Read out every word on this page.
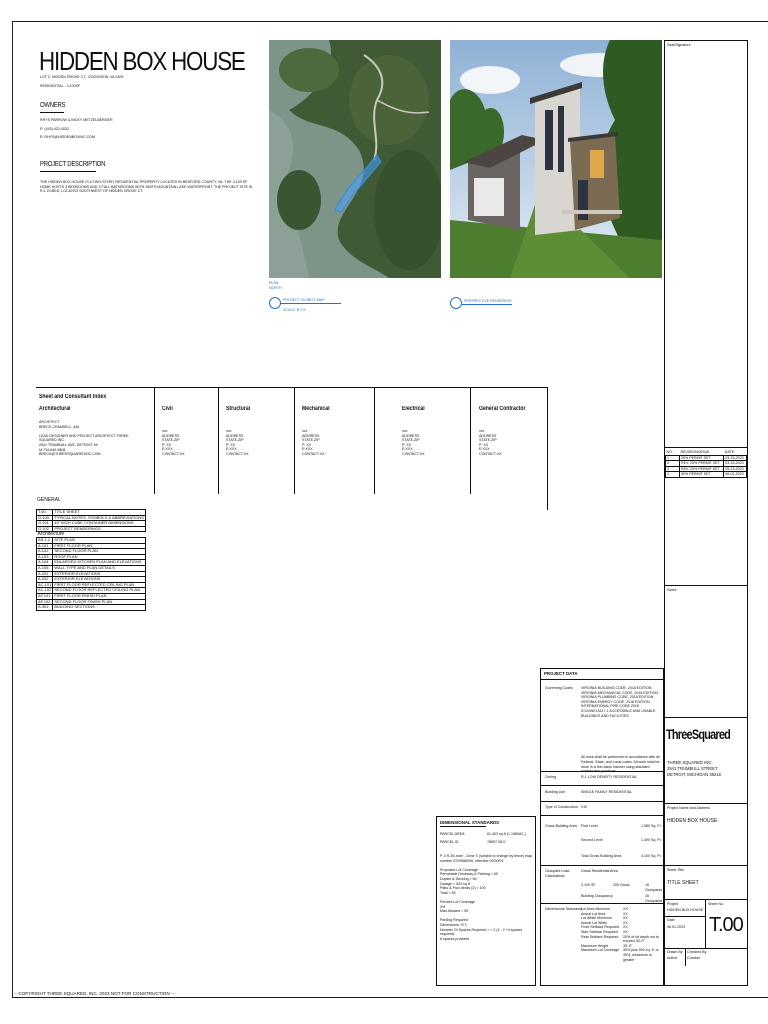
HIDDEN BOX HOUSE
LOT 2, HIDDEN GROVE CT., GOODVIEW, VA 2409
RESIDENTIAL - 3,100SF
OWNERS
RHYS PARROW & NICKY METZELBERGER
P: (443) 422-4032
E: RHYS@HIDDENBOXINC.COM
PROJECT DESCRIPTION
THE HIDDEN BOX HOUSE IS A TWO-STORY RESIDENTIAL PROPERTY LOCATED IN BEDFORD COUNTY, VA. THE 3,100 SF HOME HOSTS 3 BEDROOMS AND 3 FULL BATHROOMS WITH SMITH MOUNTAIN LAKE WATERFRONT. THE PROJECT SITE IS R-1 ZONED, LOCATED SOUTHWEST OF HIDDEN GROVE CT.
PLAN
NORTH
PROJECT VICINITY MAP
SCALE: N.T.S.
PERSPECTIVE RENDERING
Sheet and Consultant Index
Architectural
ARCHITECT
BRECK CRANDELL, AIA
LEAD DESIGNER AND PROJECT ARCHITECT THREE
SQUARED INC
2541 TRUMBULL AVE, DETROIT MI
M:734-640-9808
BRECK@THREESQUAREDINC.COM
Civil
xxx
ADDRESS
STATE,ZIP
P: XX
E:XXX
CONTACT:XX
Structural
xxx
ADDRESS
STATE,ZIP
P: XX
E:XXX
CONTACT:XX
Mechanical
xxx
ADDRESS
STATE,ZIP
P: XX
E:XXX
CONTACT:XX
Electrical
xxx
ADDRESS
STATE,ZIP
P: XX
E:XXX
CONTACT:XX
General Contractor
xxx
ADDRESS
STATE,ZIP
P: XX
E:XXX
CONTACT:XX
GENERAL
T.00	TITLE SHEET
G.100	TYPICAL NOTES, SYMBOLS & ABBREVIATIONS
G.101	40' HIGH CUBE CONTAINER DIMENSIONS
G.102	PROJECT RENDERINGS
Architecture	
AS.1.1	SITE PLAN
A.101	FIRST FLOOR PLAN
A.102	SECOND FLOOR PLAN
A.103	ROOF PLAN
A.104	ENLARGED KITCHEN PLAN AND ELEVATIONS
A.105	WALL TYPE AND PLAN DETAILS
A.201	EXTERIOR ELEVATIONS
A.202	EXTERIOR ELEVATIONS
AC.101	FIRST FLOOR REFLECTED CEILING PLAN
AC.102	SECOND FLOOR REFLECTED CEILING PLAN
AF.101	FIRST FLOOR FINISH PLAN
AF.102	SECOND FLOOR FINISH PLAN
A.301	BUILDING SECTIONS
DIMENSIONAL STANDARDS
PARCEL AREA	61,403 sq ft (1.1969AC.)
PARCEL ID	78807-05-0
P-3 R-35 zone - Zone S (subject to change by fence) map number 0729986006, effective 03/30/03
Proposed Lot Coverage
Permeable Driveway & Parking = 60
Duplex & Decking = 60
Garage = 520 sq ft
Patio & Pool decks (2) = 100
Total = 50
Percent Lot Coverage
3%
Max Allowed = 50
Parking Required
Dimensions: 3+1
Number Of Spaces Required = > 2 (4 - 2 +4 spaces required)
6 spaces provided
PROJECT DATA
Governing Codes VIRGINIA BUILDING CODE, 2018 EDITION
VIRGINIA MECHANICAL CODE, 2018 EDITION
VIRGINIA PLUMBING CODE, 2018 EDITION
VIRGINIA ENERGY CODE, 2018 EDITION
INTERNATIONAL FIRE CODE 2018
ICC/ANSI A117.1 ACCESSIBLE AND USABLE BUILDINGS AND FACILITIES
All work shall be performed in accordance with all Federal, State, and Local codes. All work shall be done in a first class manner using standard construction practices.
Zoning	R-1 LOW DENSITY RESIDENTIAL
Building Use	SINGLE FAMILY RESIDENTIAL
Type of Construction V-B
Gross Building Area First Level	1,580 Sq. Ft.
Second Level	1,490 Sq. Ft.
Total Gross Building Area	3,100 Sq. Ft.
Occupant Load Calculations
Gross Residential Area
3,100 SF	200 Gross	16 Occupants
Building Occupancy	16 Occupants
Dimensional Standards
Lot Area Minimum	XX
Actual Lot Area	XX
Lot Width Minimum	XX
Actual Lot Width	XX
Front Setback Required	XX
Side Setback Required	XX
Rear Setback Required	20% of lot depth not to exceed 35'-0"
Maximum Height	35'-0"
Maximum Lot Coverage	30% plus 500 sq. ft. or 35%, whichever is greater
Seal/Signature
NO.	REVISION/ISSUE	DATE
1	25% PERMIT SET	03-15-2023
2	REV. 25% PERMIT SET	03-15-2023
3	REV. 25% PERMIT SET	05-23-2023
4	50% PERMIT SET	06-01-2023
Notes
ThreeSquared
THREE SQUARED INC.
2541 TRUMBULL STREET
DETROIT, MICHIGAN 48216
Project Name and Address
HIDDEN BOX HOUSE
Sheet Title
TITLE SHEET
Project
HIDDEN BOX HOUSE
Date
06.01.2023
Drawn By
Author
Checked By
Checker
Sheet No.
T.00
-- COPYRIGHT THREE SQUARED, INC. 2023 NOT FOR CONSTRUCTION --
